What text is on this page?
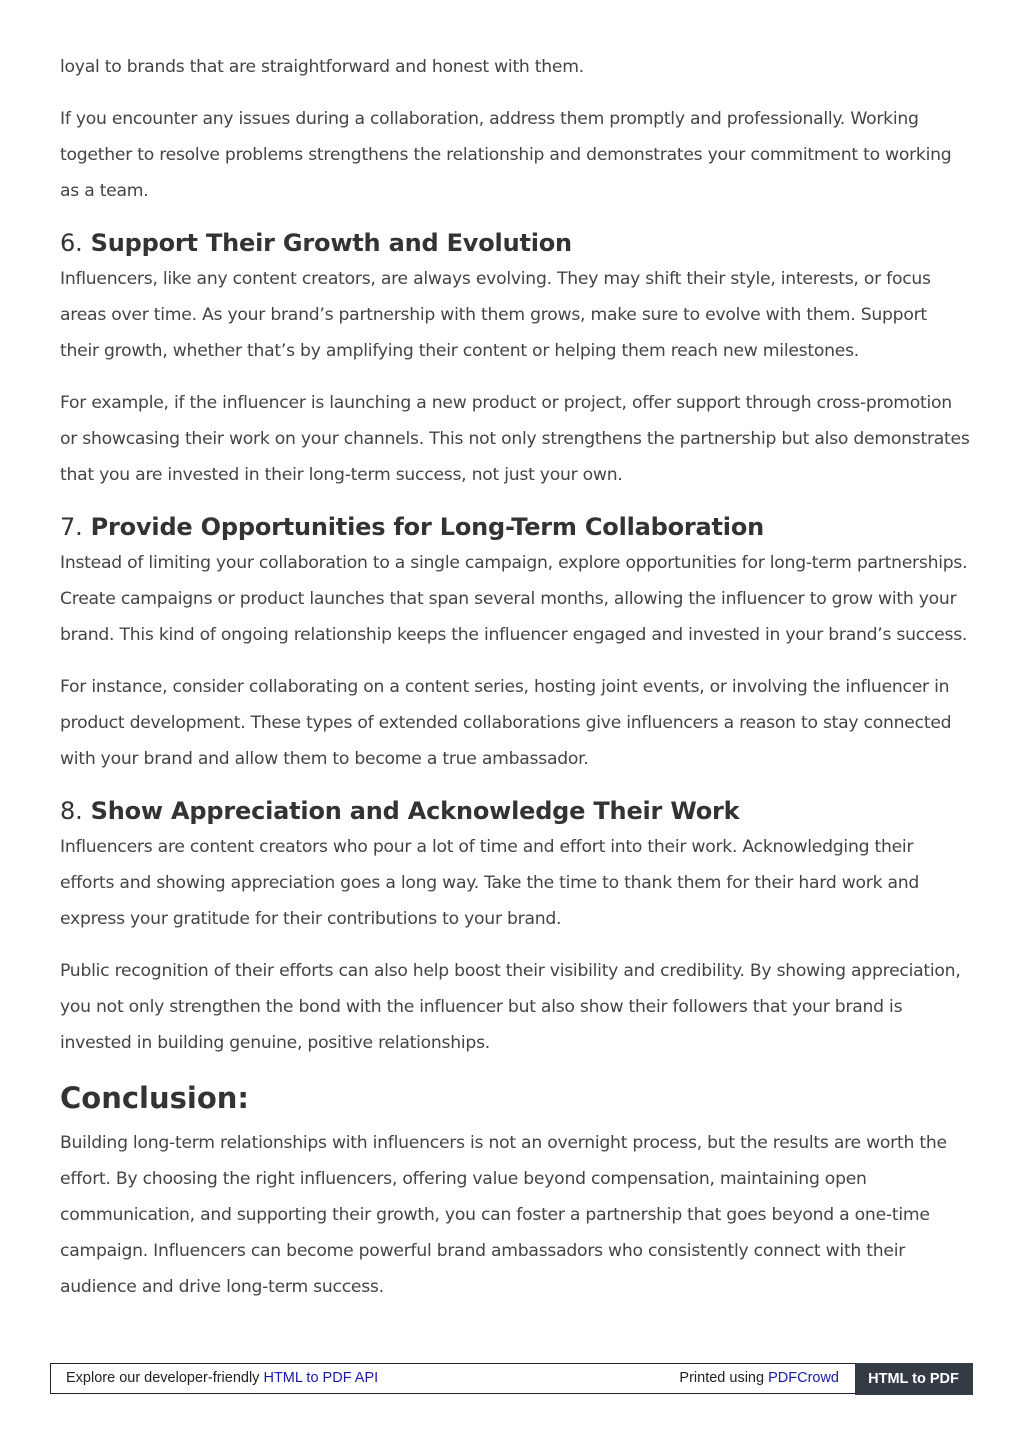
loyal to brands that are straightforward and honest with them.

If you encounter any issues during a collaboration, address them promptly and professionally. Working together to resolve problems strengthens the relationship and demonstrates your commitment to working as a team.

6. Support Their Growth and Evolution

Influencers, like any content creators, are always evolving. They may shift their style, interests, or focus areas over time. As your brand’s partnership with them grows, make sure to evolve with them. Support their growth, whether that’s by amplifying their content or helping them reach new milestones.

For example, if the influencer is launching a new product or project, offer support through cross-promotion or showcasing their work on your channels. This not only strengthens the partnership but also demonstrates that you are invested in their long-term success, not just your own.

7. Provide Opportunities for Long-Term Collaboration

Instead of limiting your collaboration to a single campaign, explore opportunities for long-term partnerships. Create campaigns or product launches that span several months, allowing the influencer to grow with your brand. This kind of ongoing relationship keeps the influencer engaged and invested in your brand’s success.

For instance, consider collaborating on a content series, hosting joint events, or involving the influencer in product development. These types of extended collaborations give influencers a reason to stay connected with your brand and allow them to become a true ambassador.

8. Show Appreciation and Acknowledge Their Work

Influencers are content creators who pour a lot of time and effort into their work. Acknowledging their efforts and showing appreciation goes a long way. Take the time to thank them for their hard work and express your gratitude for their contributions to your brand.

Public recognition of their efforts can also help boost their visibility and credibility. By showing appreciation, you not only strengthen the bond with the influencer but also show their followers that your brand is invested in building genuine, positive relationships.

Conclusion:

Building long-term relationships with influencers is not an overnight process, but the results are worth the effort. By choosing the right influencers, offering value beyond compensation, maintaining open communication, and supporting their growth, you can foster a partnership that goes beyond a one-time campaign. Influencers can become powerful brand ambassadors who consistently connect with their audience and drive long-term success.

Explore our developer-friendly HTML to PDF API	Printed using PDFCrowd	HTML to PDF
